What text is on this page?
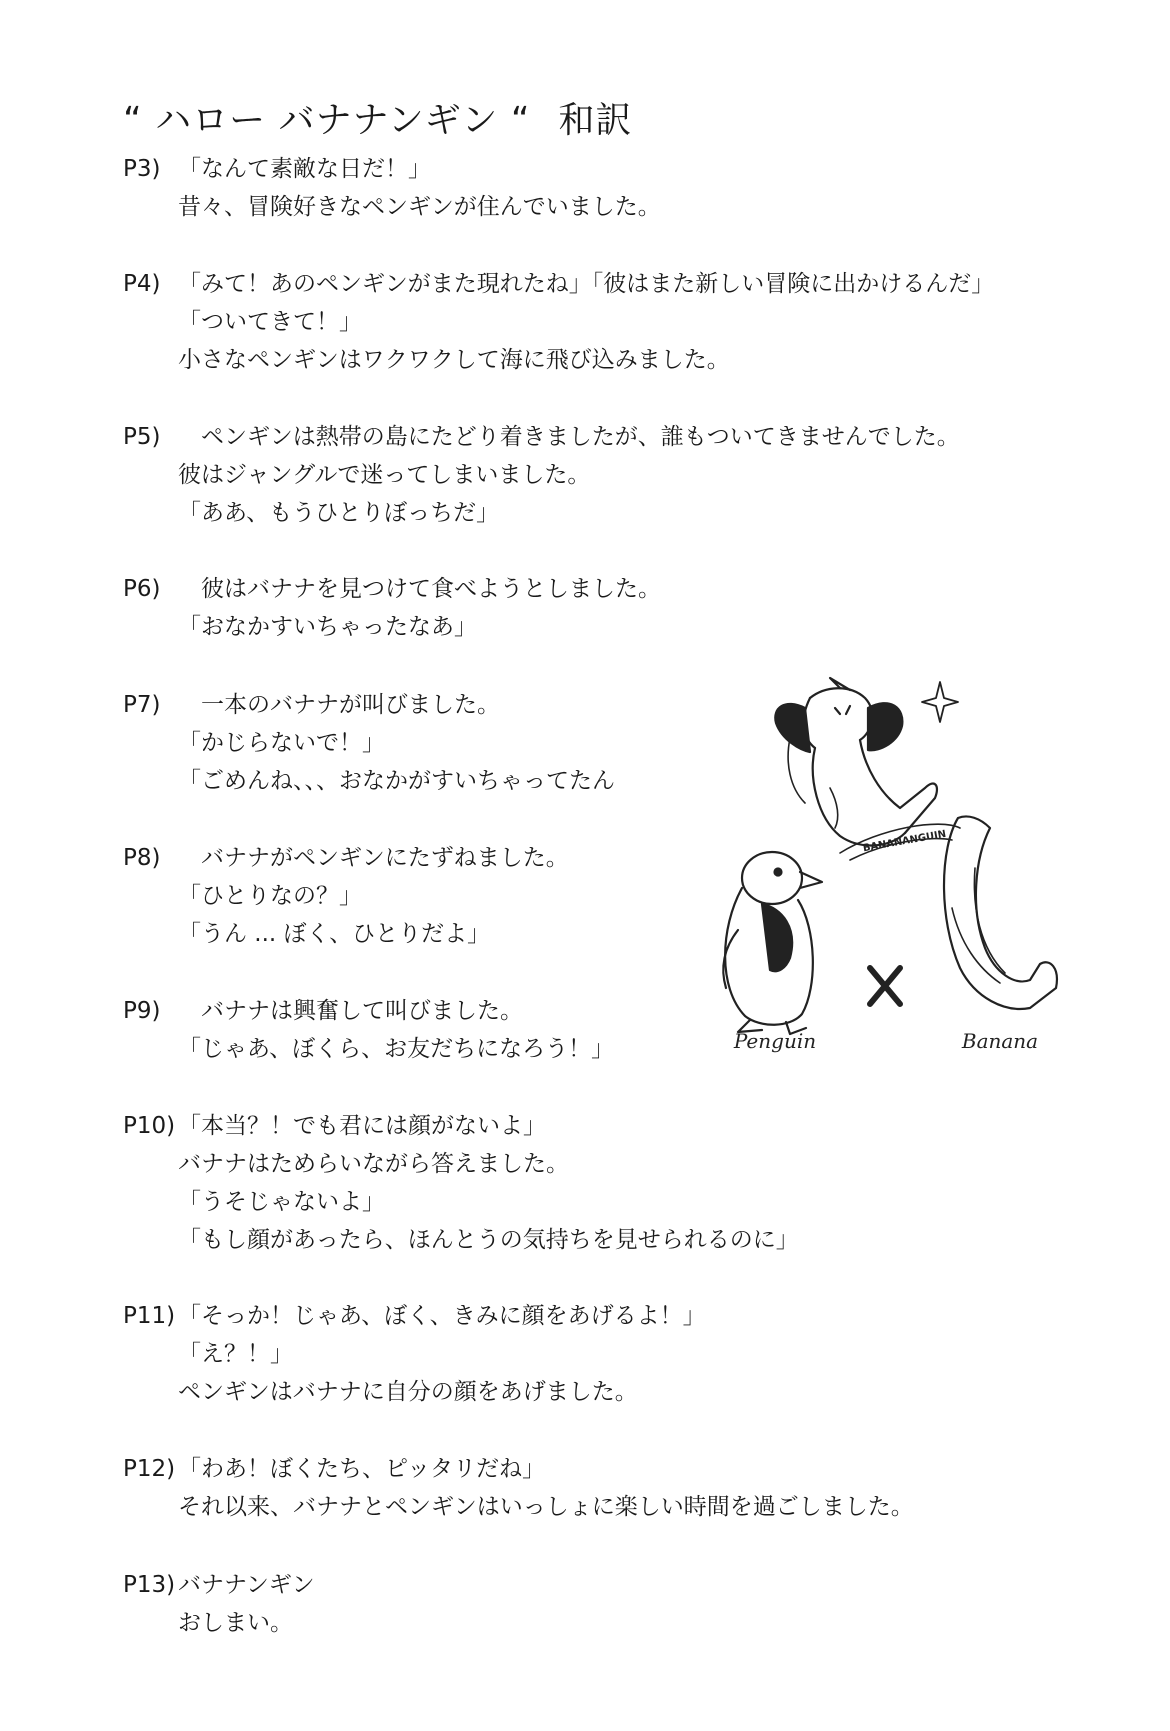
“ ハロー バナナンギン “ 和訳
P3) 「なんて素敵な日だ！」
昔々、冒険好きなペンギンが住んでいました。
P4) 「みて！あのペンギンがまた現れたね」「彼はまた新しい冒険に出かけるんだ」
「ついてきて！」
小さなペンギンはワクワクして海に飛び込みました。
P5) 　ペンギンは熱帯の島にたどり着きましたが、誰もついてきませんでした。
彼はジャングルで迷ってしまいました。
「ああ、もうひとりぼっちだ」
P6) 　彼はバナナを見つけて食べようとしました。
「おなかすいちゃったなあ」
P7) 　一本のバナナが叫びました。
「かじらないで！」
「ごめんね、、、おなかがすいちゃってたん
P8) 　バナナがペンギンにたずねました。
「ひとりなの？」
「うん ... ぼく、ひとりだよ」
P9) 　バナナは興奮して叫びました。
「じゃあ、ぼくら、お友だちになろう！」
P10) 「本当？！でも君には顔がないよ」
バナナはためらいながら答えました。
「うそじゃないよ」
「もし顔があったら、ほんとうの気持ちを見せられるのに」
P11) 「そっか！じゃあ、ぼく、きみに顔をあげるよ！」
「え？！」
ペンギンはバナナに自分の顔をあげました。
P12) 「わあ！ぼくたち、ピッタリだね」
それ以来、バナナとペンギンはいっしょに楽しい時間を過ごしました。
P13) バナナンギン
おしまい。
BANANANGUIN
Penguin	Banana
